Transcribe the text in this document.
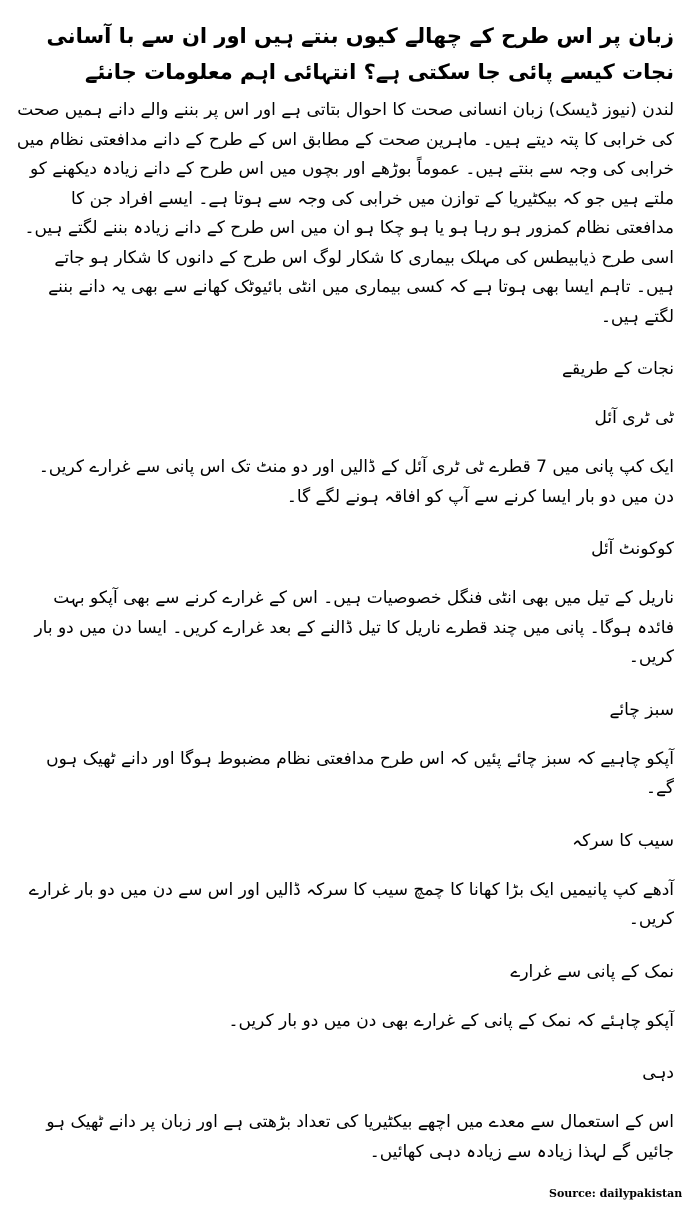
زبان پر اس طرح کے چھالے کیوں بنتے ہیں اور ان سے با آسانی نجات کیسے پائی جا سکتی ہے؟ انتہائی اہم معلومات جانئے
لندن (نیوز ڈیسک) زبان انسانی صحت کا احوال بتاتی ہے اور اس پر بننے والے دانے ہمیں صحت کی خرابی کا پتہ دیتے ہیں۔ ماہرین صحت کے مطابق اس کے طرح کے دانے مدافعتی نظام میں خرابی کی وجہ سے بنتے ہیں۔ عموماً بوڑھے اور بچوں میں اس طرح کے دانے زیادہ دیکھنے کو ملتے ہیں جو کہ بیکٹیریا کے توازن میں خرابی کی وجہ سے ہوتا ہے۔ ایسے افراد جن کا مدافعتی نظام کمزور ہو رہا ہو یا ہو چکا ہو ان میں اس طرح کے دانے زیادہ بننے لگتے ہیں۔ اسی طرح ذیابیطس کی مہلک بیماری کا شکار لوگ اس طرح کے دانوں کا شکار ہو جاتے ہیں۔ تاہم ایسا بھی ہوتا ہے کہ کسی بیماری میں انٹی بائیوٹک کھانے سے بھی یہ دانے بننے لگتے ہیں۔
نجات کے طریقے
ٹی ٹری آئل
ایک کپ پانی میں 7 قطرے ٹی ٹری آئل کے ڈالیں اور دو منٹ تک اس پانی سے غرارے کریں۔ دن میں دو بار ایسا کرنے سے آپ کو افاقہ ہونے لگے گا۔
کوکونٹ آئل
ناریل کے تیل میں بھی انٹی فنگل خصوصیات ہیں۔ اس کے غرارے کرنے سے بھی آپکو بہت فائدہ ہوگا۔ پانی میں چند قطرے ناریل کا تیل ڈالنے کے بعد غرارے کریں۔ ایسا دن میں دو بار کریں۔
سبز چائے
آپکو چاہیے کہ سبز چائے پئیں کہ اس طرح مدافعتی نظام مضبوط ہوگا اور دانے ٹھیک ہوں گے۔
سیب کا سرکہ
آدھے کپ پانیمیں ایک بڑا کھانا کا چمچ سیب کا سرکہ ڈالیں اور اس سے دن میں دو بار غرارے کریں۔
نمک کے پانی سے غرارے
آپکو چاہئے کہ نمک کے پانی کے غرارے بھی دن میں دو بار کریں۔
دہی
اس کے استعمال سے معدے میں اچھے بیکٹیریا کی تعداد بڑھتی ہے اور زبان پر دانے ٹھیک ہو جائیں گے لہذا زیادہ سے زیادہ دہی کھائیں۔
Source: dailypakistan
